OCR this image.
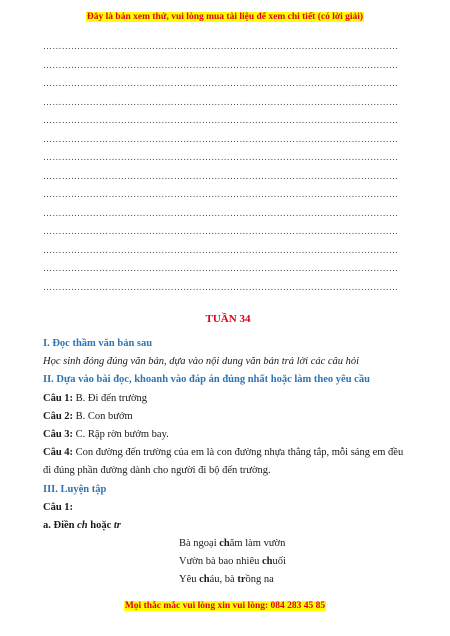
Đây là bản xem thử, vui lòng mua tài liệu để xem chi tiết (có lời giải)
……………………………………………………………………………………………………
……………………………………………………………………………………………………
……………………………………………………………………………………………………
……………………………………………………………………………………………………
……………………………………………………………………………………………………
……………………………………………………………………………………………………
……………………………………………………………………………………………………
……………………………………………………………………………………………………
……………………………………………………………………………………………………
……………………………………………………………………………………………………
……………………………………………………………………………………………………
……………………………………………………………………………………………………
……………………………………………………………………………………………………
……………………………………………………………………………………………………
TUẦN 34
I. Đọc thầm văn bản sau
Học sinh đóng đúng văn bản, dựa vào nội dung văn bản trả lời các câu hỏi
II. Dựa vào bài đọc, khoanh vào đáp án đúng nhất hoặc làm theo yêu cầu
Câu 1: B. Đi đến trường
Câu 2: B. Con bướm
Câu 3: C. Rập rờn bướm bay.
Câu 4: Con đường đến trường của em là con đường nhựa thẳng tắp, mỗi sáng em đều đi đúng phần đường dành cho người đi bộ đến trường.
III. Luyện tập
Câu 1:
a. Điền ch hoặc tr
Bà ngoại chăm làm vườn
Vườn bà bao nhiêu chuối
Yêu cháu, bà trồng na
Mọi thắc mắc vui lòng xin vui lòng: 084 283 45 85
